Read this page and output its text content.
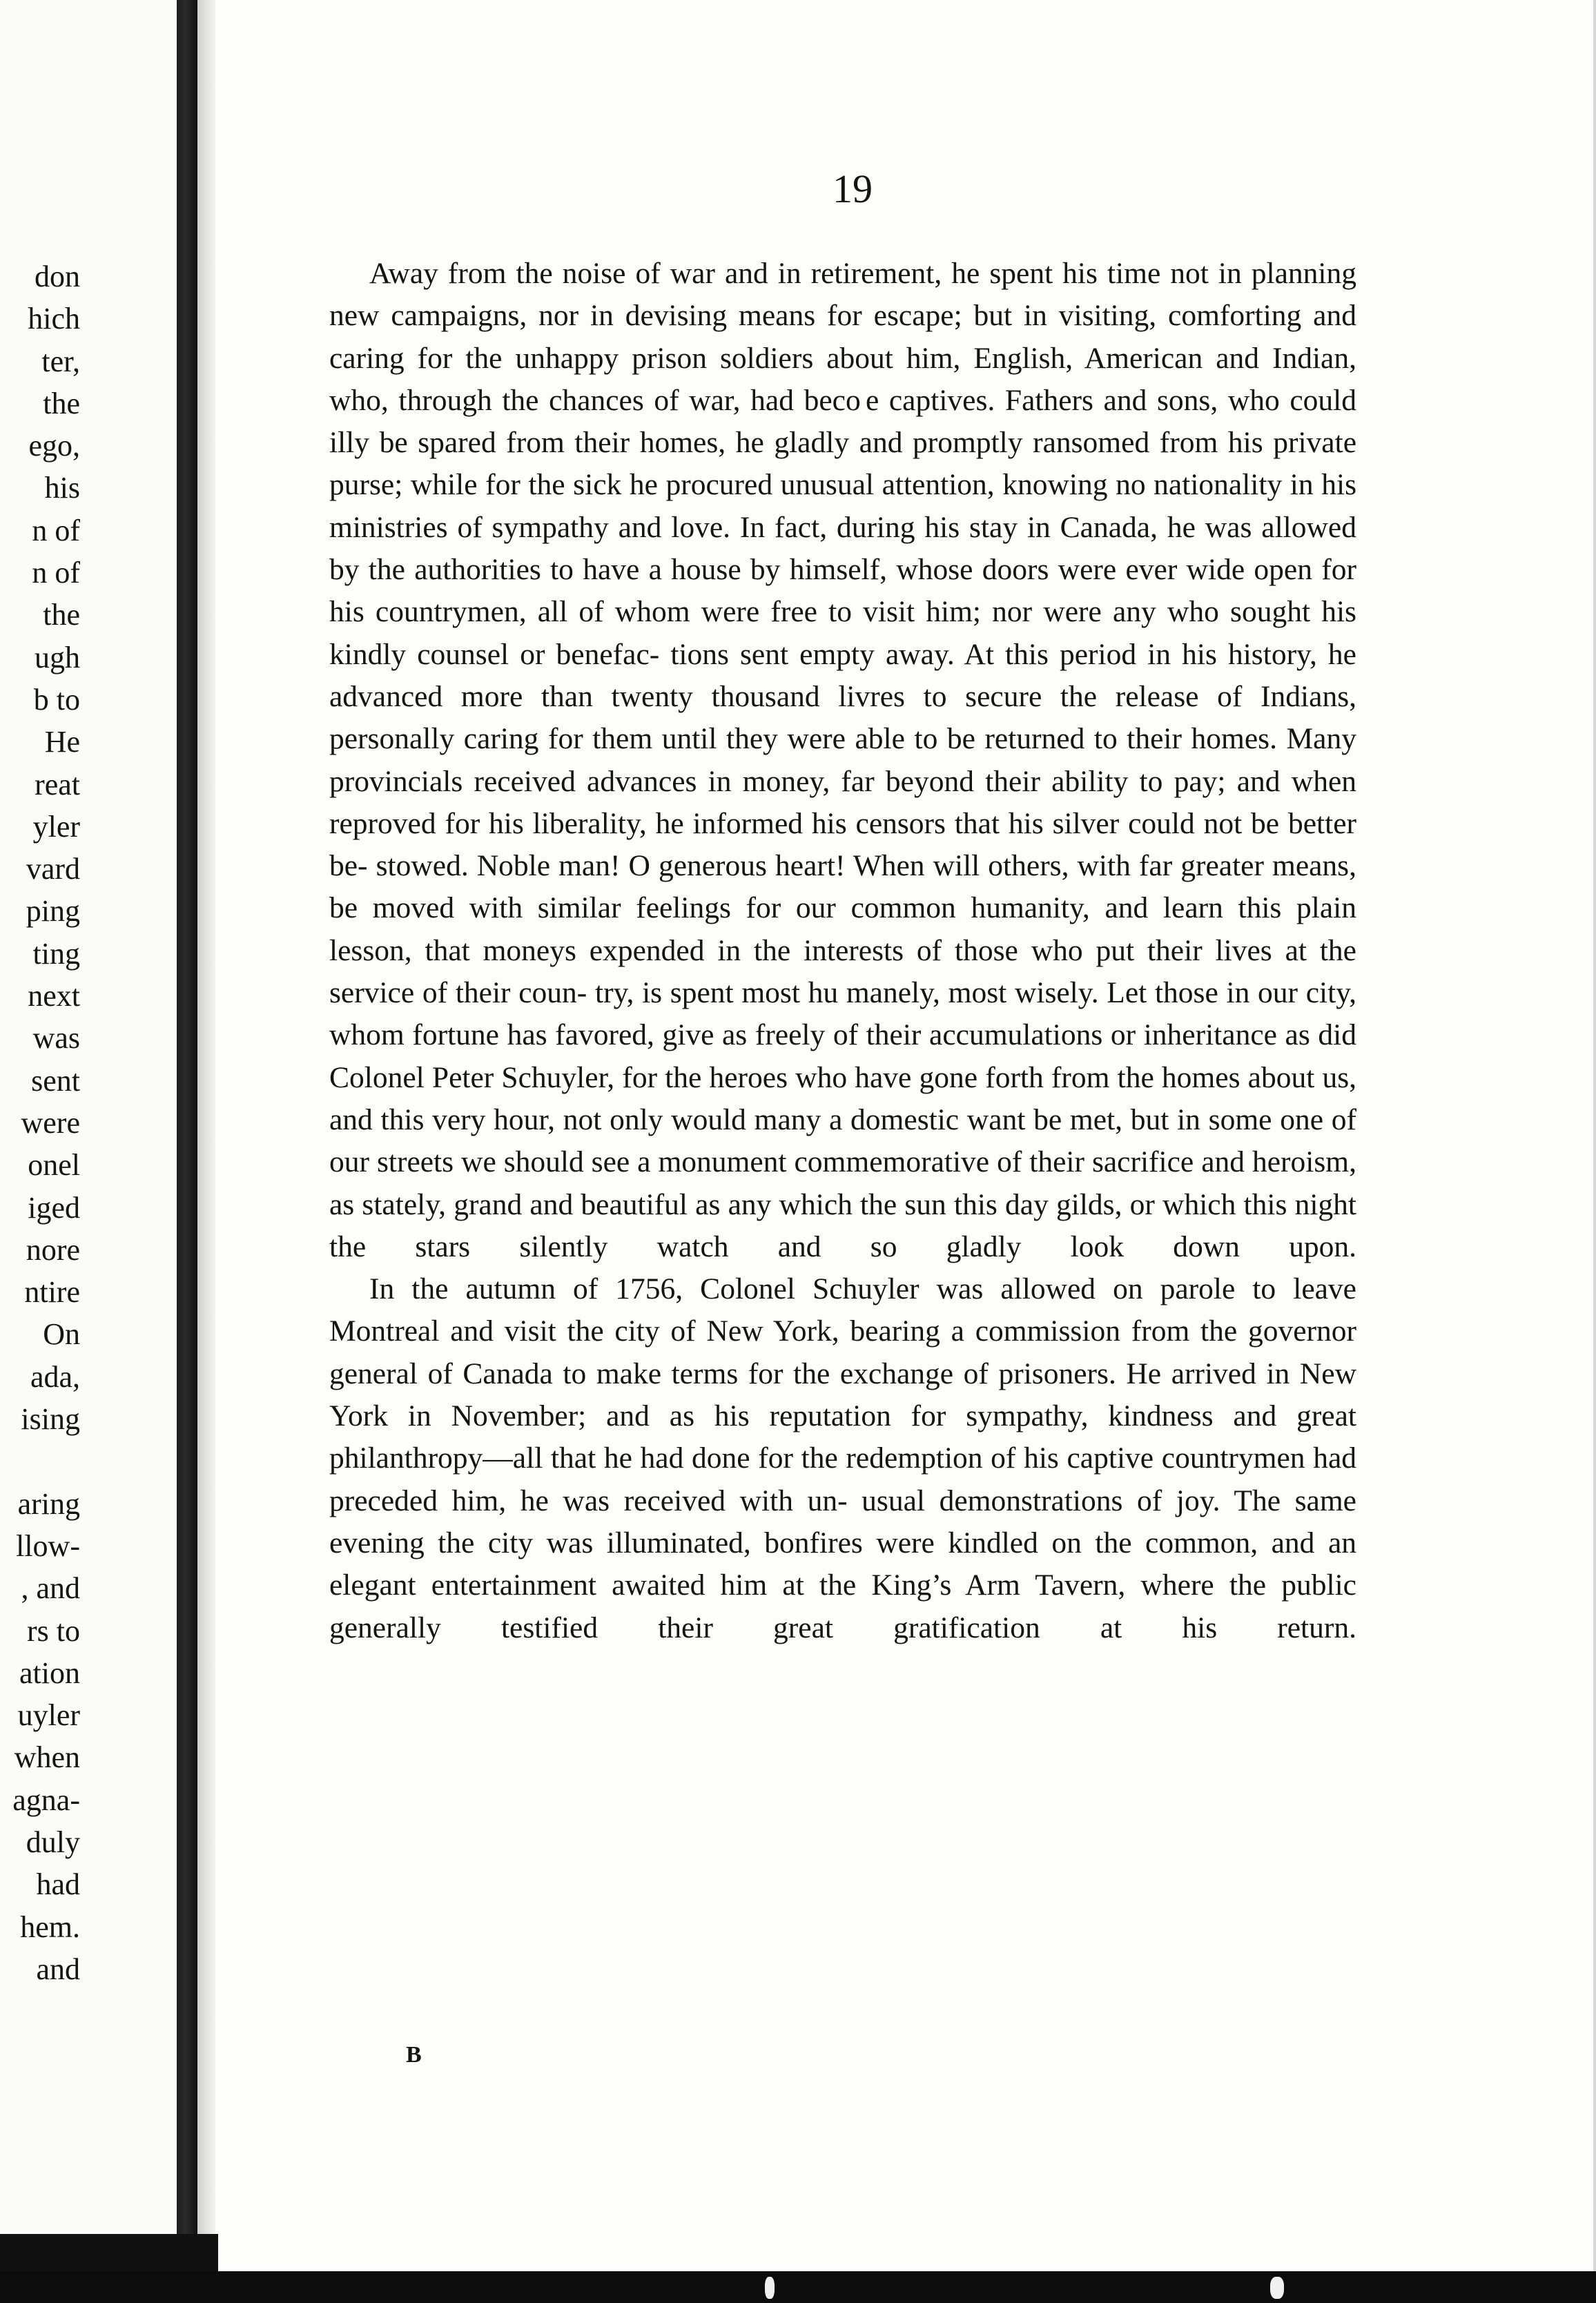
don
hich
ter,
the
ego,
his
n of
n of
the
ugh
b to
He
reat
yler
vard
ping
ting
next
was
sent
were
onel
iged
nore
ntire
On
ada,
ising
aring
llow-
, and
rs to
ation
uyler
when
agna-
duly
had
hem.
and

19

Away from the noise of war and in retirement, he spent his time not in planning new campaigns, nor in devising means for escape; but in visiting, comforting and caring for the unhappy prison soldiers about him, English, American and Indian, who, through the chances of war, had beco  e captives. Fathers and sons, who could illy be spared from their homes, he gladly and promptly ransomed from his private purse; while for the sick he procured unusual attention, knowing no nationality in his ministries of sympathy and love. In fact, during his stay in Canada, he was allowed by the authorities to have a house by himself, whose doors were ever wide open for his countrymen, all of whom were free to visit him; nor were any who sought his kindly counsel or benefac- tions sent empty away. At this period in his history, he advanced more than twenty thousand livres to secure the release of Indians, personally caring for them until they were able to be returned to their homes. Many provincials received advances in money, far beyond their ability to pay; and when reproved for his liberality, he informed his censors that his silver could not be better be- stowed. Noble man! O generous heart! When will others, with far greater means, be moved with similar feelings for our common humanity, and learn this plain lesson, that moneys expended in the interests of those who put their lives at the service of their coun- try, is spent most hu manely, most wisely. Let those in our city, whom fortune has favored, give as freely of their accumulations or inheritance as did Colonel Peter Schuyler, for the heroes who have gone forth from the homes about us, and this very hour, not only would many a domestic want be met, but in some one of our streets we should see a monument commemorative of their sacrifice and heroism, as stately, grand and beautiful as any which the sun this day gilds, or which this night the stars silently watch and so gladly look down upon.

In the autumn of 1756, Colonel Schuyler was allowed on parole to leave Montreal and visit the city of New York, bearing a commission from the governor general of Canada to make terms for the exchange of prisoners. He arrived in New York in November; and as his reputation for sympathy, kindness and great philanthropy—all that he had done for the redemption of his captive countrymen had preceded him, he was received with un- usual demonstrations of joy. The same evening the city was illuminated, bonfires were kindled on the common, and an elegant entertainment awaited him at the King’s Arm Tavern, where the public generally testified their great gratification at his return.

B
